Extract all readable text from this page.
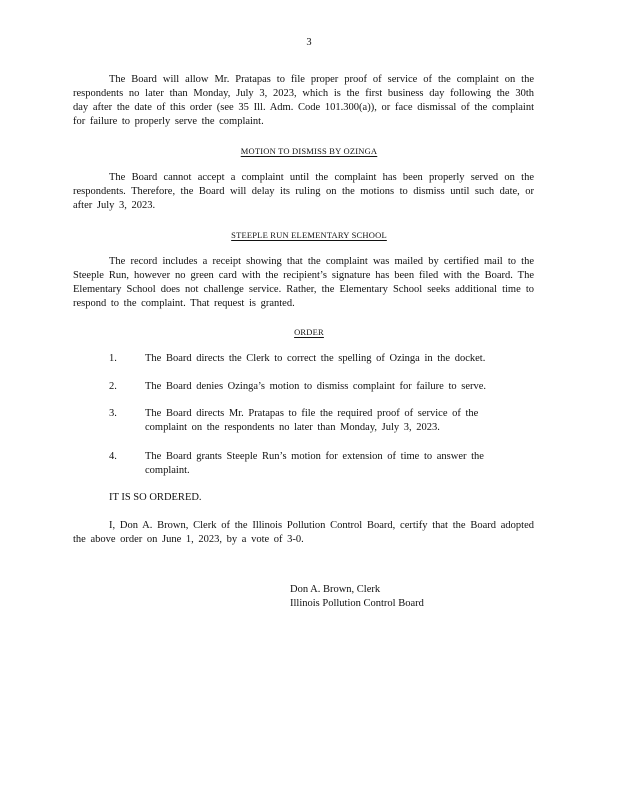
3
The Board will allow Mr. Pratapas to file proper proof of service of the complaint on the respondents no later than Monday, July 3, 2023, which is the first business day following the 30th day after the date of this order (see 35 Ill. Adm. Code 101.300(a)), or face dismissal of the complaint for failure to properly serve the complaint.
MOTION TO DISMISS BY OZINGA
The Board cannot accept a complaint until the complaint has been properly served on the respondents. Therefore, the Board will delay its ruling on the motions to dismiss until such date, or after July 3, 2023.
STEEPLE RUN ELEMENTARY SCHOOL
The record includes a receipt showing that the complaint was mailed by certified mail to the Steeple Run, however no green card with the recipient’s signature has been filed with the Board. The Elementary School does not challenge service. Rather, the Elementary School seeks additional time to respond to the complaint. That request is granted.
ORDER
1.	The Board directs the Clerk to correct the spelling of Ozinga in the docket.
2.	The Board denies Ozinga’s motion to dismiss complaint for failure to serve.
3.	The Board directs Mr. Pratapas to file the required proof of service of the complaint on the respondents no later than Monday, July 3, 2023.
4.	The Board grants Steeple Run’s motion for extension of time to answer the complaint.
IT IS SO ORDERED.
I, Don A. Brown, Clerk of the Illinois Pollution Control Board, certify that the Board adopted the above order on June 1, 2023, by a vote of 3-0.
Don A. Brown, Clerk
Illinois Pollution Control Board
